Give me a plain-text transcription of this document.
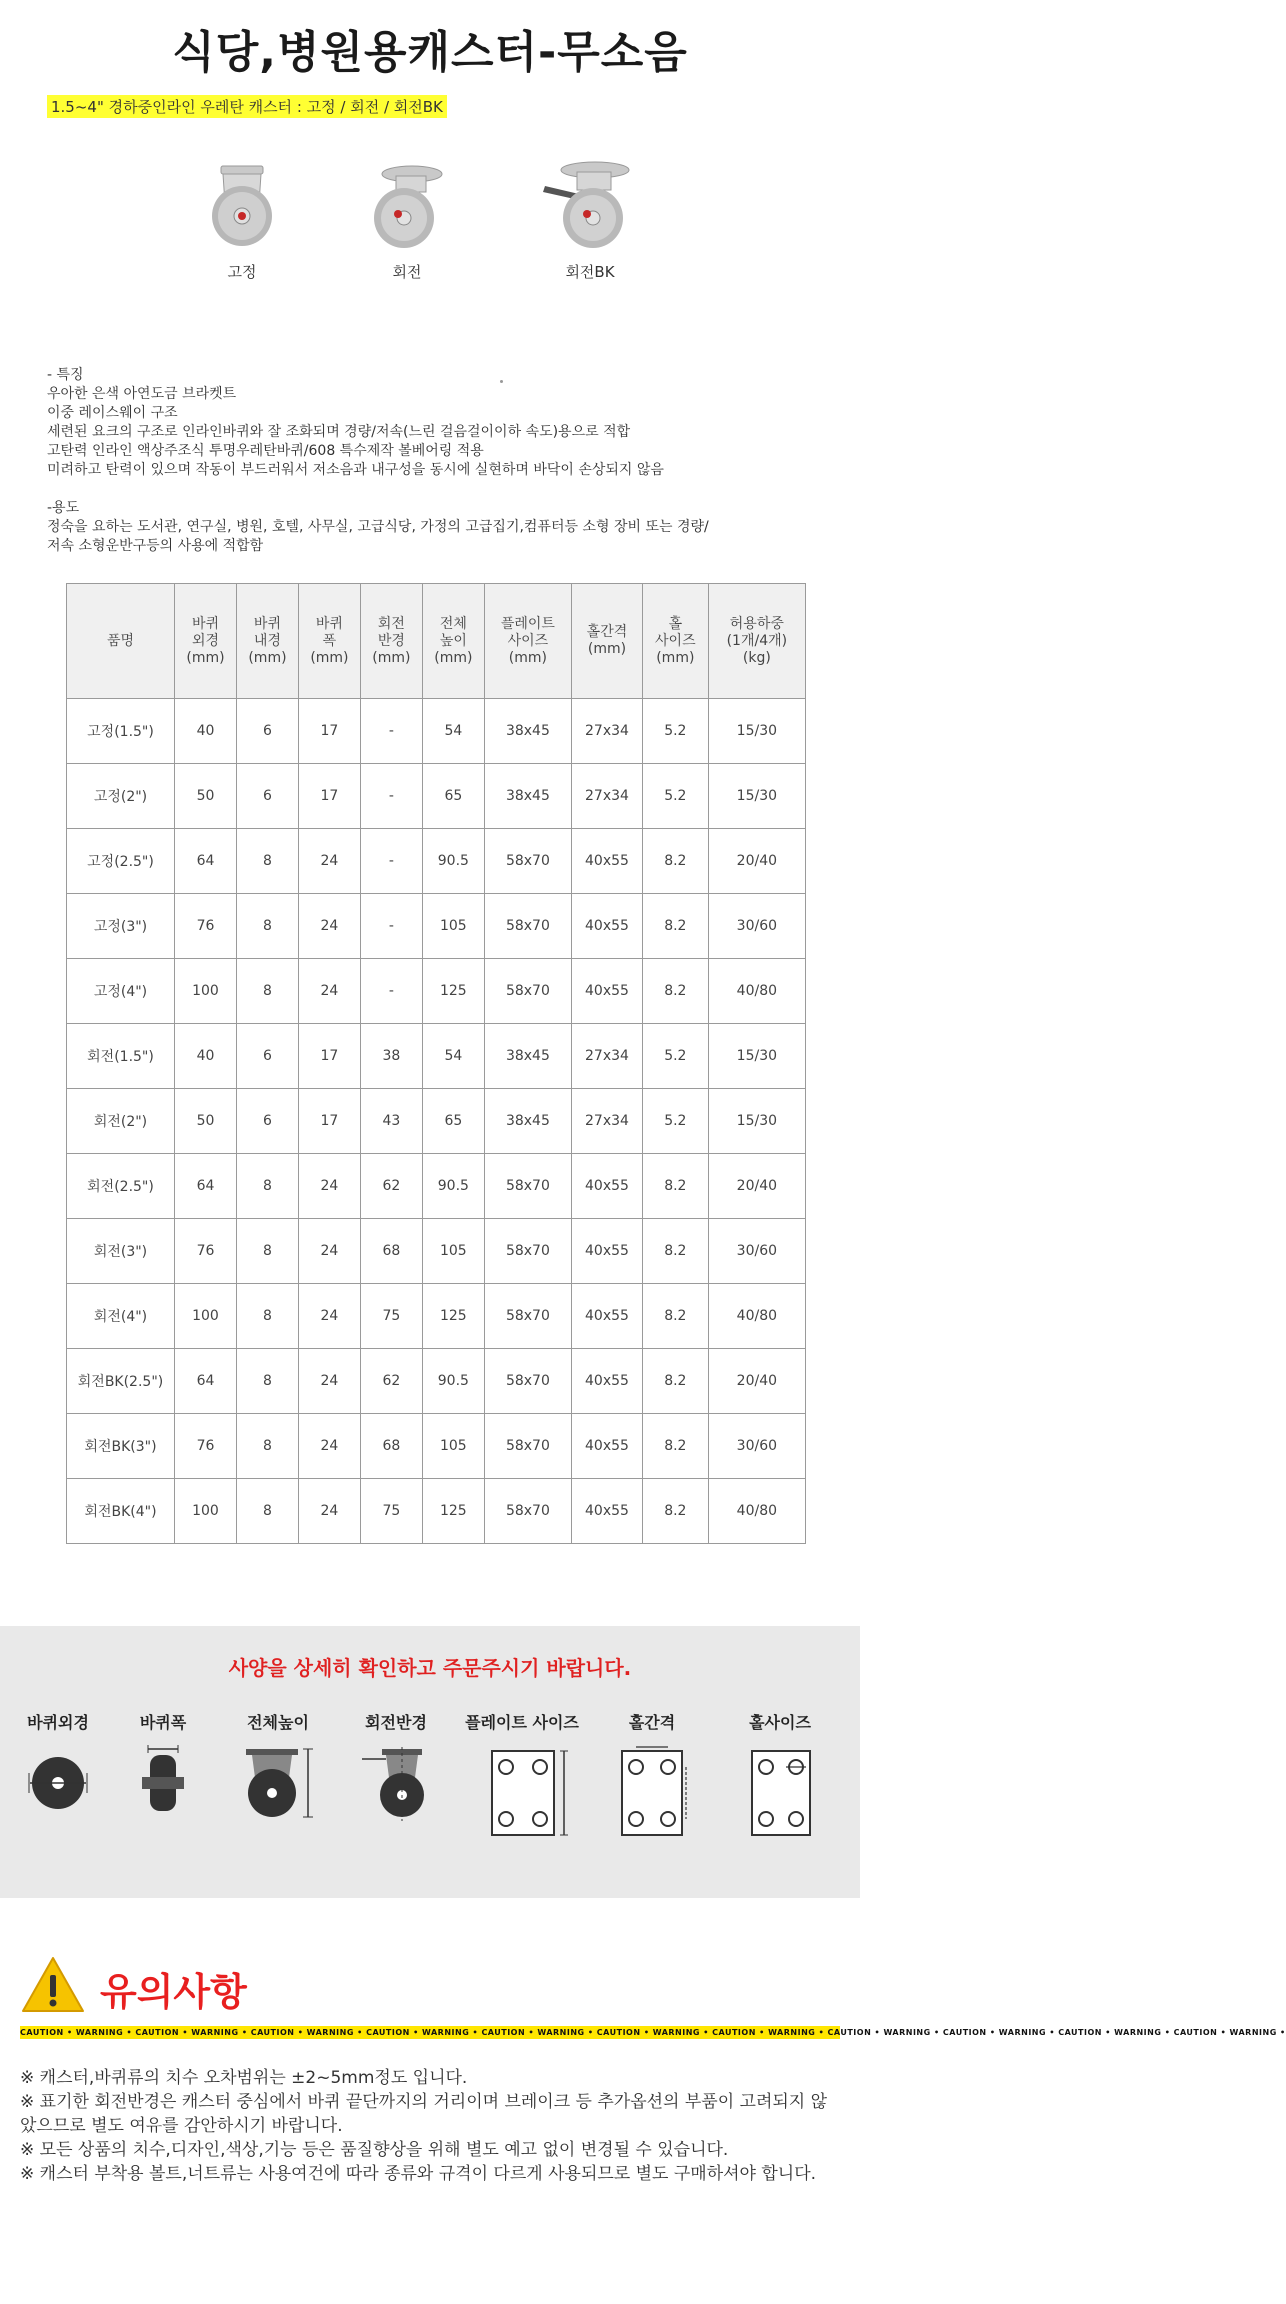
식당,병원용캐스터-무소음
1.5~4" 경하중인라인 우레탄 캐스터 : 고정 / 회전 / 회전BK
고정	회전	회전BK

- 특징

우아한 은색 아연도금 브라켓트

이중 레이스웨이 구조

세련된 요크의 구조로 인라인바퀴와 잘 조화되며 경량/저속(느린 걸음걸이이하 속도)용으로 적합

고탄력 인라인 액상주조식 투명우레탄바퀴/608 특수제작 볼베어링 적용

미려하고 탄력이 있으며 작동이 부드러워서 저소음과 내구성을 동시에 실현하며 바닥이 손상되지 않음

-용도

정숙을 요하는 도서관, 연구실, 병원, 호텔, 사무실, 고급식당, 가정의 고급집기,컴퓨터등 소형 장비 또는 경량/

저속 소형운반구등의 사용에 적합함

품명	바퀴
외경
(mm)	바퀴
내경
(mm)	바퀴
폭
(mm)	회전
반경
(mm)	전체
높이
(mm)	플레이트
사이즈
(mm)	홀간격
(mm)	홀
사이즈
(mm)	허용하중
(1개/4개)
(kg)
고정(1.5")	40	6	17	-	54	38x45	27x34	5.2	15/30
고정(2")	50	6	17	-	65	38x45	27x34	5.2	15/30
고정(2.5")	64	8	24	-	90.5	58x70	40x55	8.2	20/40
고정(3")	76	8	24	-	105	58x70	40x55	8.2	30/60
고정(4")	100	8	24	-	125	58x70	40x55	8.2	40/80
회전(1.5")	40	6	17	38	54	38x45	27x34	5.2	15/30
회전(2")	50	6	17	43	65	38x45	27x34	5.2	15/30
회전(2.5")	64	8	24	62	90.5	58x70	40x55	8.2	20/40
회전(3")	76	8	24	68	105	58x70	40x55	8.2	30/60
회전(4")	100	8	24	75	125	58x70	40x55	8.2	40/80
회전BK(2.5")	64	8	24	62	90.5	58x70	40x55	8.2	20/40
회전BK(3")	76	8	24	68	105	58x70	40x55	8.2	30/60
회전BK(4")	100	8	24	75	125	58x70	40x55	8.2	40/80
사양을 상세히 확인하고 주문주시기 바랍니다.
바퀴외경	바퀴폭	전체높이	회전반경	플레이트 사이즈	홀간격	홀사이즈
유의사항
CAUTION • WARNING • CAUTION • WARNING • CAUTION • WARNING • CAUTION • WARNING • CAUTION • WARNING • CAUTION • WARNING • CAUTION • WARNING • CAUTION • WARNING • CAUTION • WARNING • CAUTION • WARNING • CAUTION • WARNING •

※ 캐스터,바퀴류의 치수 오차범위는 ±2~5mm정도 입니다.

※ 표기한 회전반경은 캐스터 중심에서 바퀴 끝단까지의 거리이며 브레이크 등 추가옵션의 부품이 고려되지 않았으므로 별도 여유를 감안하시기 바랍니다.

※ 모든 상품의 치수,디자인,색상,기능 등은 품질향상을 위해 별도 예고 없이 변경될 수 있습니다.

※ 캐스터 부착용 볼트,너트류는 사용여건에 따라 종류와 규격이 다르게 사용되므로 별도 구매하셔야 합니다.
